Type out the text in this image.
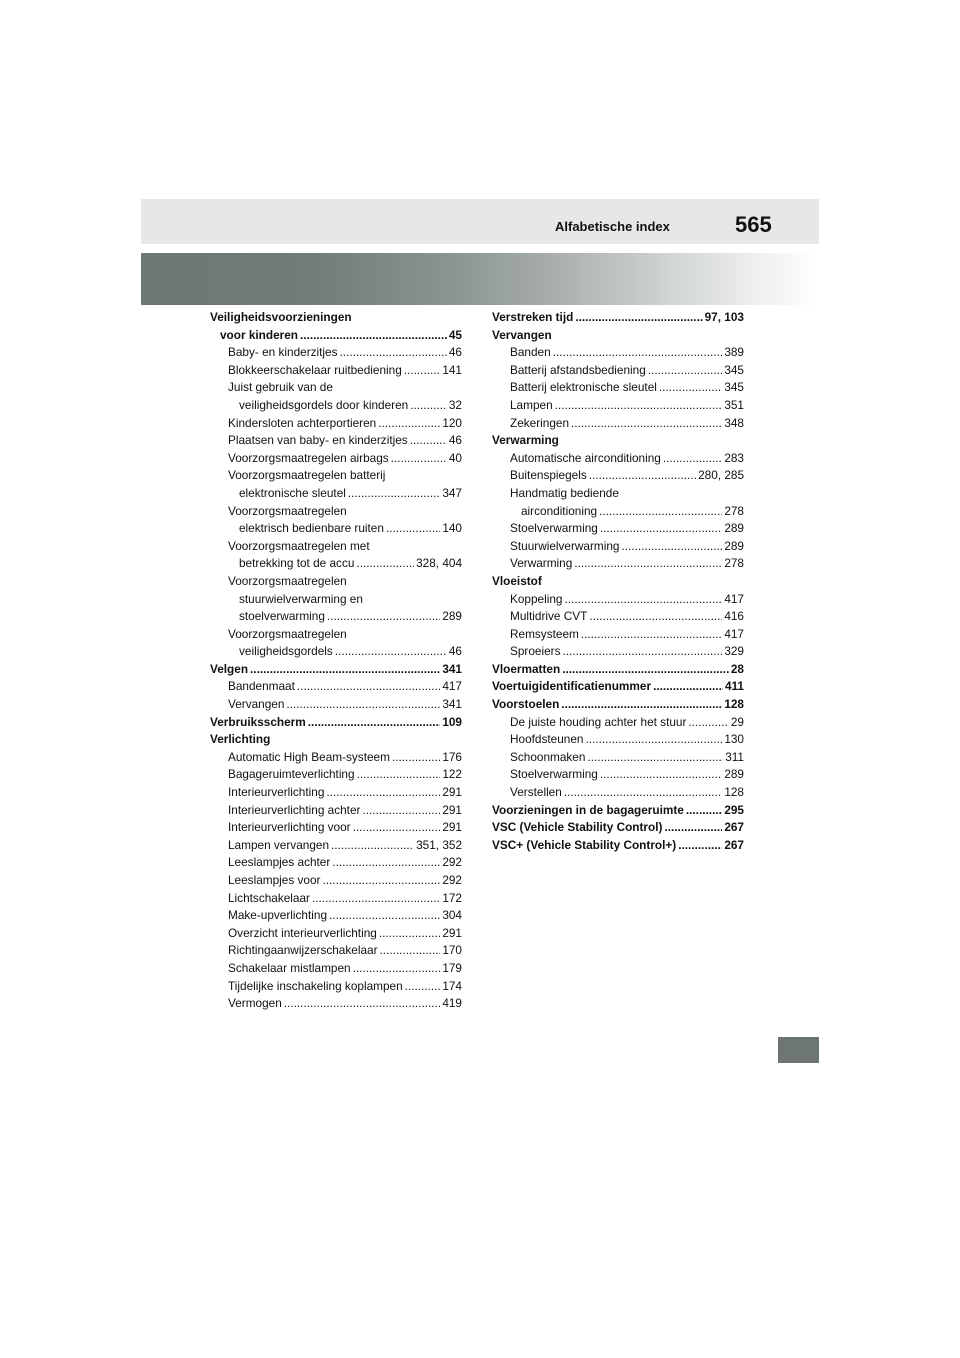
Alfabetische index	565
Veiligheidsvoorzieningen
voor kinderen .....	45
Baby- en kinderzitjes .....	46
Blokkeerschakelaar ruitbediening .....	141
Juist gebruik van de
veiligheidsgordels door kinderen .....	32
Kindersloten achterportieren .....	120
Plaatsen van baby- en kinderzitjes .....	46
Voorzorgsmaatregelen airbags .....	40
Voorzorgsmaatregelen batterij
elektronische sleutel .....	347
Voorzorgsmaatregelen
elektrisch bedienbare ruiten .....	140
Voorzorgsmaatregelen met
betrekking tot de accu .....	328, 404
Voorzorgsmaatregelen
stuurwielverwarming en
stoelverwarming .....	289
Voorzorgsmaatregelen
veiligheidsgordels .....	46
Velgen .....	341
Bandenmaat .....	417
Vervangen .....	341
Verbruiksscherm .....	109
Verlichting
Automatic High Beam-systeem .....	176
Bagageruimteverlichting .....	122
Interieurverlichting .....	291
Interieurverlichting achter .....	291
Interieurverlichting voor .....	291
Lampen vervangen .....	351, 352
Leeslampjes achter .....	292
Leeslampjes voor .....	292
Lichtschakelaar .....	172
Make-upverlichting .....	304
Overzicht interieurverlichting .....	291
Richtingaanwijzerschakelaar .....	170
Schakelaar mistlampen .....	179
Tijdelijke inschakeling koplampen .....	174
Vermogen .....	419
Verstreken tijd .....	97, 103
Vervangen
Banden .....	389
Batterij afstandsbediening .....	345
Batterij elektronische sleutel .....	345
Lampen .....	351
Zekeringen .....	348
Verwarming
Automatische airconditioning .....	283
Buitenspiegels .....	280, 285
Handmatig bediende
airconditioning .....	278
Stoelverwarming .....	289
Stuurwielverwarming .....	289
Verwarming .....	278
Vloeistof
Koppeling .....	417
Multidrive CVT .....	416
Remsysteem .....	417
Sproeiers .....	329
Vloermatten .....	28
Voertuigidentificatienummer .....	411
Voorstoelen .....	128
De juiste houding achter het stuur .....	29
Hoofdsteunen .....	130
Schoonmaken .....	311
Stoelverwarming .....	289
Verstellen .....	128
Voorzieningen in de bagageruimte .....	295
VSC (Vehicle Stability Control) .....	267
VSC+ (Vehicle Stability Control+) .....	267
